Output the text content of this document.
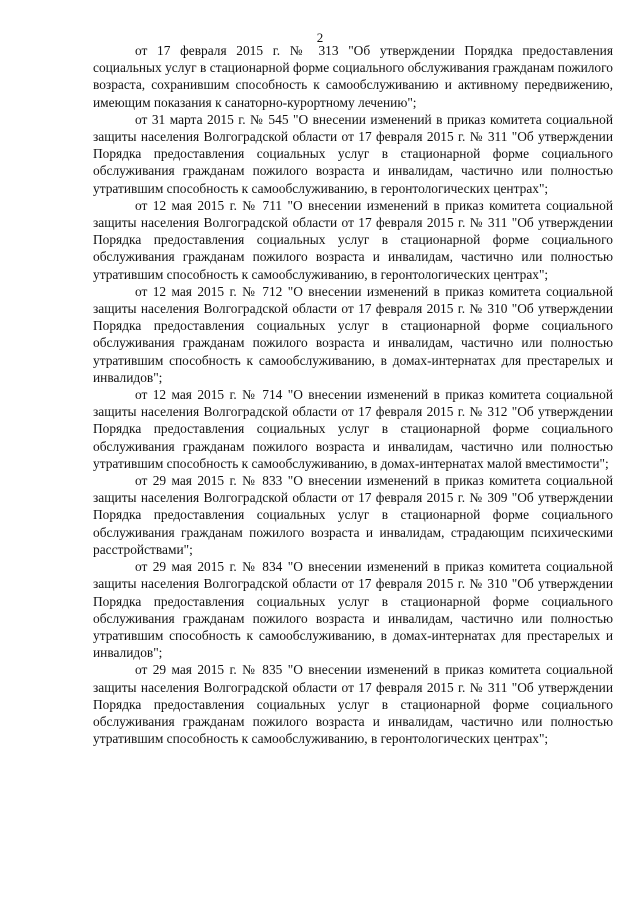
2

от 17 февраля 2015 г. № 313 "Об утверждении Порядка предоставления социальных услуг в стационарной форме социального обслуживания гражданам пожилого возраста, сохранившим способность к самообслуживанию и активному передвижению, имеющим показания к санаторно-курортному лечению";

от 31 марта 2015 г. № 545 "О внесении изменений в приказ комитета социальной защиты населения Волгоградской области от 17 февраля 2015 г. № 311 "Об утверждении Порядка предоставления социальных услуг в стационарной форме социального обслуживания гражданам пожилого возраста и инвалидам, частично или полностью утратившим способность к самообслуживанию, в геронтологических центрах";

от 12 мая 2015 г. № 711 "О внесении изменений в приказ комитета социальной защиты населения Волгоградской области от 17 февраля 2015 г. № 311 "Об утверждении Порядка предоставления социальных услуг в стационарной форме социального обслуживания гражданам пожилого возраста и инвалидам, частично или полностью утратившим способность к самообслуживанию, в геронтологических центрах";

от 12 мая 2015 г. № 712 "О внесении изменений в приказ комитета социальной защиты населения Волгоградской области от 17 февраля 2015 г. № 310 "Об утверждении Порядка предоставления социальных услуг в стационарной форме социального обслуживания гражданам пожилого возраста и инвалидам, частично или полностью утратившим способность к самообслуживанию, в домах-интернатах для престарелых и инвалидов";

от 12 мая 2015 г. № 714 "О внесении изменений в приказ комитета социальной защиты населения Волгоградской области от 17 февраля 2015 г. № 312 "Об утверждении Порядка предоставления социальных услуг в стационарной форме социального обслуживания гражданам пожилого возраста и инвалидам, частично или полностью утратившим способность к самообслуживанию, в домах-интернатах малой вместимости";

от 29 мая 2015 г. № 833 "О внесении изменений в приказ комитета социальной защиты населения Волгоградской области от 17 февраля 2015 г. № 309 "Об утверждении Порядка предоставления социальных услуг в стационарной форме социального обслуживания гражданам пожилого возраста и инвалидам, страдающим психическими расстройствами";

от 29 мая 2015 г. № 834 "О внесении изменений в приказ комитета социальной защиты населения Волгоградской области от 17 февраля 2015 г. № 310 "Об утверждении Порядка предоставления социальных услуг в стационарной форме социального обслуживания гражданам пожилого возраста и инвалидам, частично или полностью утратившим способность к самообслуживанию, в домах-интернатах для престарелых и инвалидов";

от 29 мая 2015 г. № 835 "О внесении изменений в приказ комитета социальной защиты населения Волгоградской области от 17 февраля 2015 г. № 311 "Об утверждении Порядка предоставления социальных услуг в стационарной форме социального обслуживания гражданам пожилого возраста и инвалидам, частично или полностью утратившим способность к самообслуживанию, в геронтологических центрах";
